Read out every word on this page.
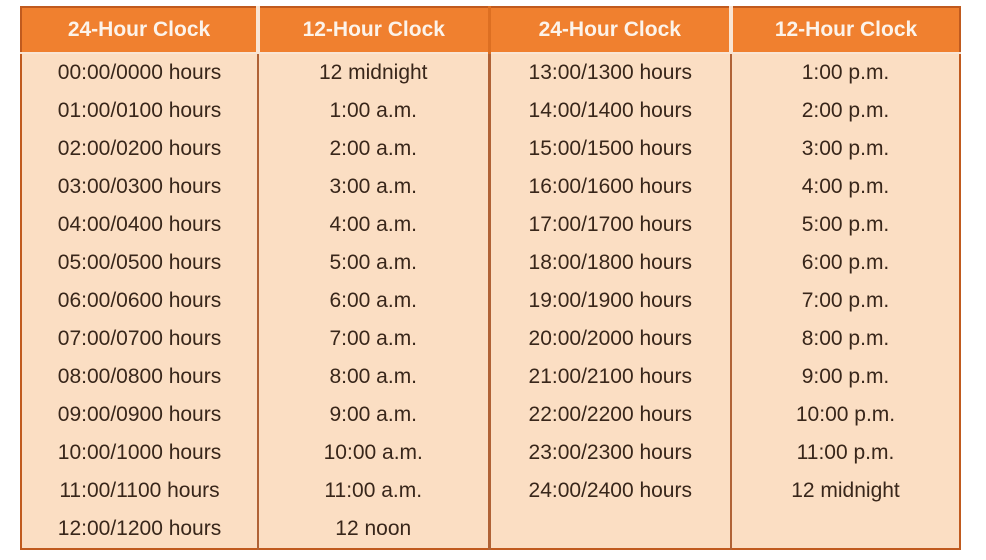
24-Hour Clock	12-Hour Clock	24-Hour Clock	12-Hour Clock
00:00/0000 hours	12 midnight	13:00/1300 hours	1:00 p.m.
01:00/0100 hours	1:00 a.m.	14:00/1400 hours	2:00 p.m.
02:00/0200 hours	2:00 a.m.	15:00/1500 hours	3:00 p.m.
03:00/0300 hours	3:00 a.m.	16:00/1600 hours	4:00 p.m.
04:00/0400 hours	4:00 a.m.	17:00/1700 hours	5:00 p.m.
05:00/0500 hours	5:00 a.m.	18:00/1800 hours	6:00 p.m.
06:00/0600 hours	6:00 a.m.	19:00/1900 hours	7:00 p.m.
07:00/0700 hours	7:00 a.m.	20:00/2000 hours	8:00 p.m.
08:00/0800 hours	8:00 a.m.	21:00/2100 hours	9:00 p.m.
09:00/0900 hours	9:00 a.m.	22:00/2200 hours	10:00 p.m.
10:00/1000 hours	10:00 a.m.	23:00/2300 hours	11:00 p.m.
11:00/1100 hours	11:00 a.m.	24:00/2400 hours	12 midnight
12:00/1200 hours	12 noon		
